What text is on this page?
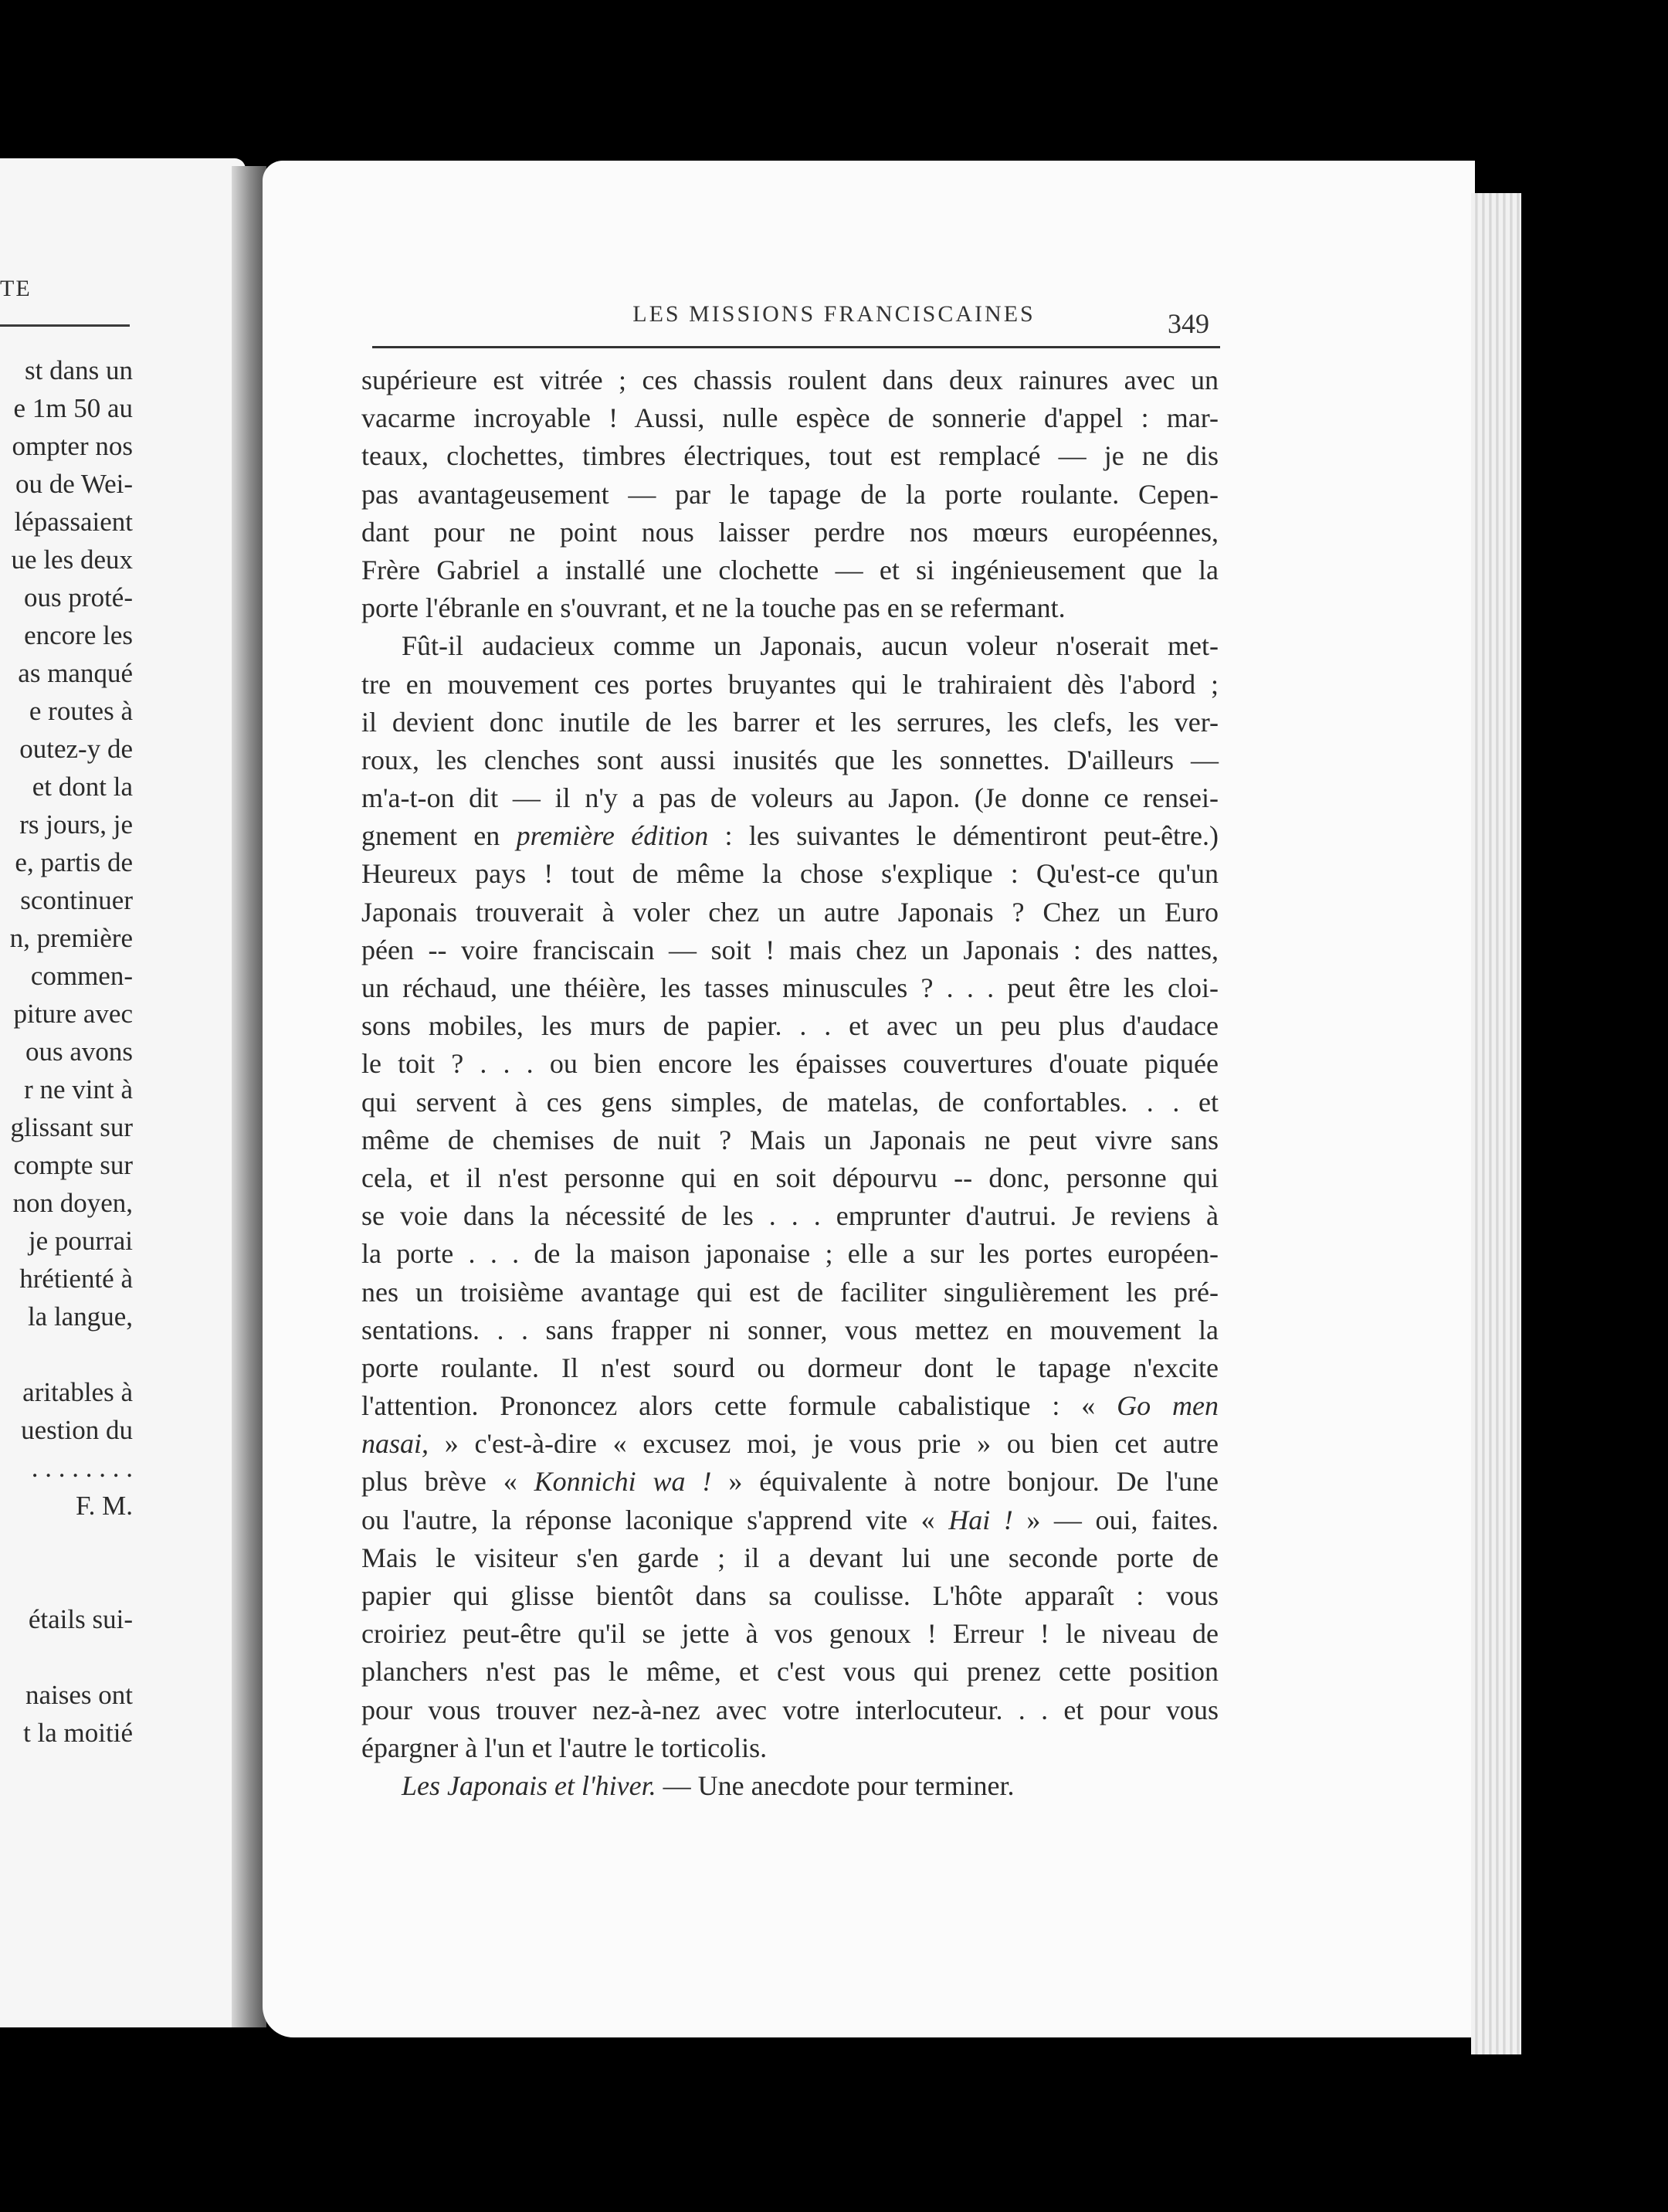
TE
st dans un
e 1m 50 au
ompter nos
ou de Wei-
lépassaient
ue les deux
ous proté-
encore les
as manqué
e routes à
outez-y de
et dont la
rs jours, je
e, partis de
scontinuer
n, première
commen-
piture avec
ous avons
r ne vint à
glissant sur
compte sur
non doyen,
je pourrai
hrétienté à
la langue,
aritables à
uestion du
. . . . . . . .
F. M.
étails sui-
naises ont
t la moitié
LES MISSIONS FRANCISCAINES	349
supérieure est vitrée ; ces chassis roulent dans deux rainures avec un
vacarme incroyable ! Aussi, nulle espèce de sonnerie d'appel : mar-
teaux, clochettes, timbres électriques, tout est remplacé — je ne dis
pas avantageusement — par le tapage de la porte roulante. Cepen-
dant pour ne point nous laisser perdre nos mœurs européennes,
Frère Gabriel a installé une clochette — et si ingénieusement que la
porte l'ébranle en s'ouvrant, et ne la touche pas en se refermant.
Fût-il audacieux comme un Japonais, aucun voleur n'oserait met-
tre en mouvement ces portes bruyantes qui le trahiraient dès l'abord ;
il devient donc inutile de les barrer et les serrures, les clefs, les ver-
roux, les clenches sont aussi inusités que les sonnettes. D'ailleurs —
m'a-t-on dit — il n'y a pas de voleurs au Japon. (Je donne ce rensei-
gnement en première édition : les suivantes le démentiront peut-être.)
Heureux pays ! tout de même la chose s'explique : Qu'est-ce qu'un
Japonais trouverait à voler chez un autre Japonais ? Chez un Euro
péen -- voire franciscain — soit ! mais chez un Japonais : des nattes,
un réchaud, une théière, les tasses minuscules ? . . . peut être les cloi-
sons mobiles, les murs de papier. . . et avec un peu plus d'audace
le toit ? . . . ou bien encore les épaisses couvertures d'ouate piquée
qui servent à ces gens simples, de matelas, de confortables. . . et
même de chemises de nuit ? Mais un Japonais ne peut vivre sans
cela, et il n'est personne qui en soit dépourvu -- donc, personne qui
se voie dans la nécessité de les . . . emprunter d'autrui. Je reviens à
la porte . . . de la maison japonaise ; elle a sur les portes européen-
nes un troisième avantage qui est de faciliter singulièrement les pré-
sentations. . . sans frapper ni sonner, vous mettez en mouvement la
porte roulante. Il n'est sourd ou dormeur dont le tapage n'excite
l'attention. Prononcez alors cette formule cabalistique : « Go men
nasai, » c'est-à-dire « excusez moi, je vous prie » ou bien cet autre
plus brève « Konnichi wa ! » équivalente à notre bonjour. De l'une
ou l'autre, la réponse laconique s'apprend vite « Hai ! » — oui, faites.
Mais le visiteur s'en garde ; il a devant lui une seconde porte de
papier qui glisse bientôt dans sa coulisse. L'hôte apparaît : vous
croiriez peut-être qu'il se jette à vos genoux ! Erreur ! le niveau de
planchers n'est pas le même, et c'est vous qui prenez cette position
pour vous trouver nez-à-nez avec votre interlocuteur. . . et pour vous
épargner à l'un et l'autre le torticolis.
Les Japonais et l'hiver. — Une anecdote pour terminer.
